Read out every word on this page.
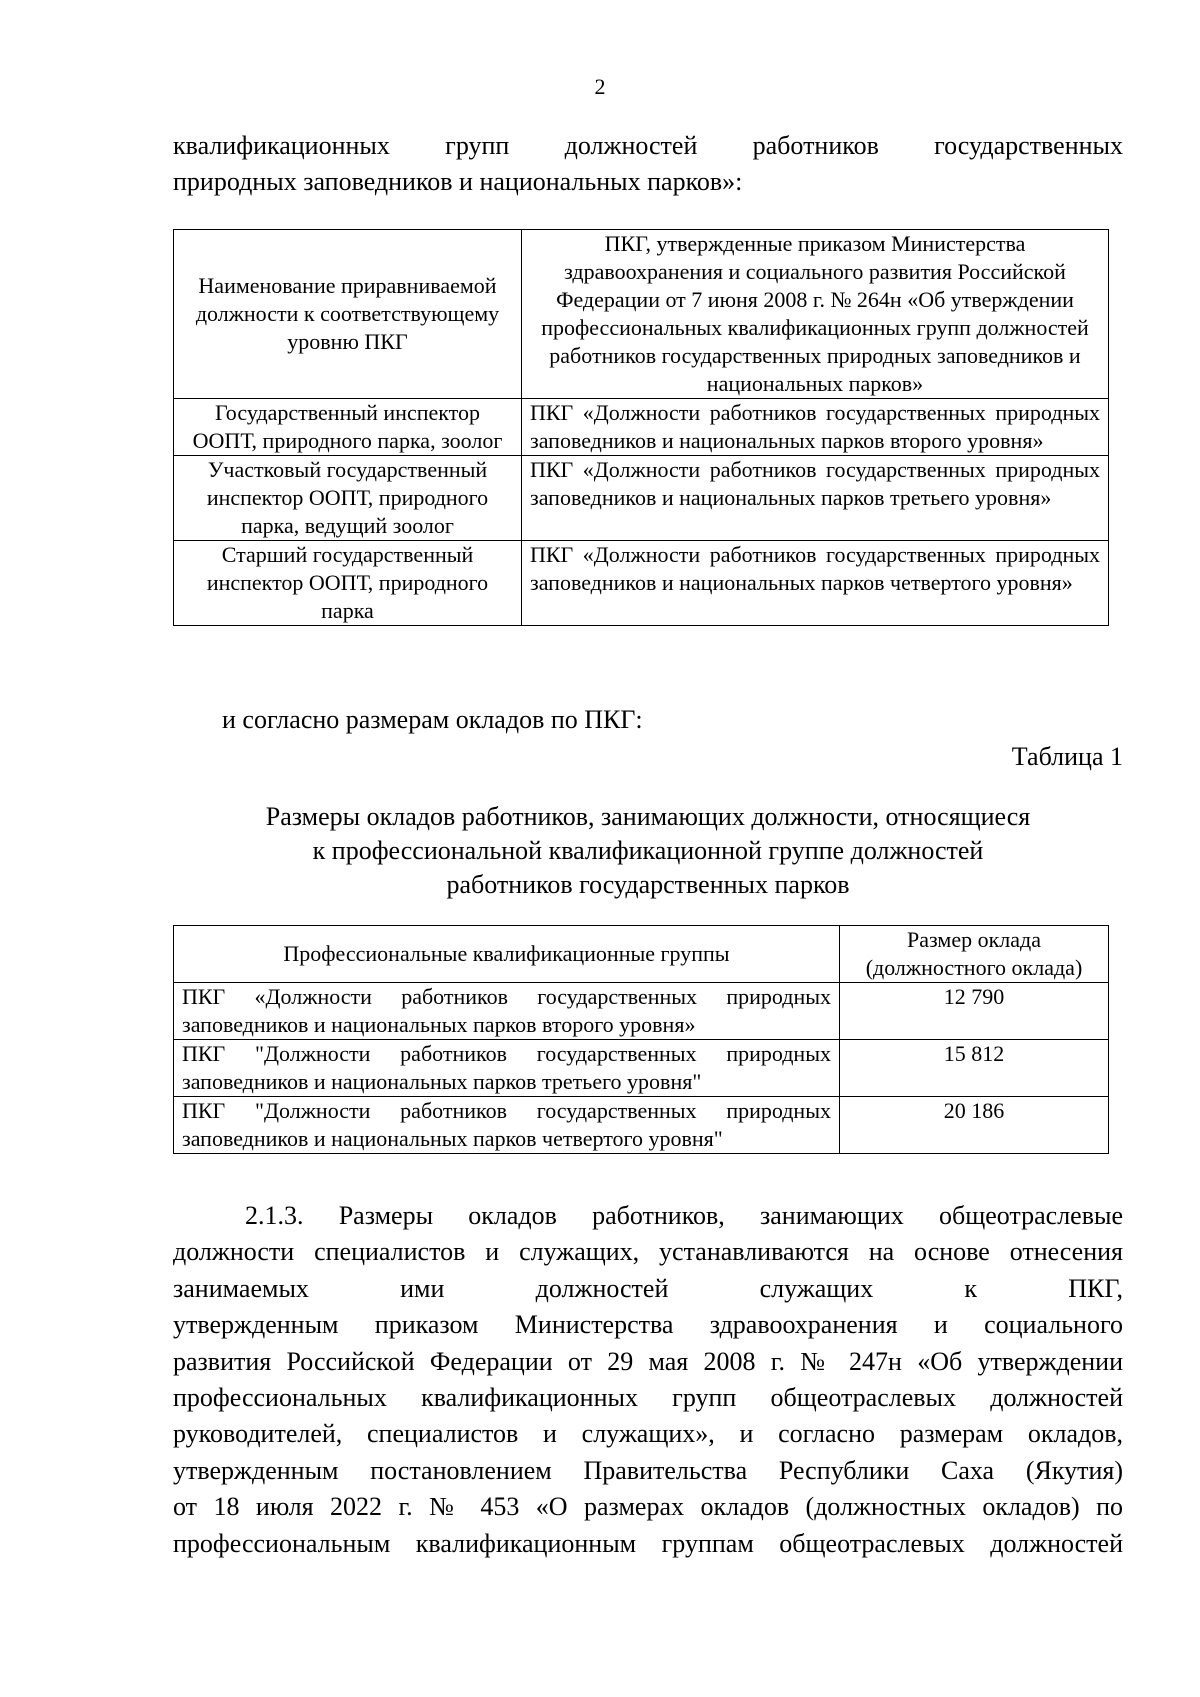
2
квалификационных групп должностей работников государственных
природных заповедников и национальных парков»:
Наименование приравниваемой должности к соответствующему уровню ПКГ	ПКГ, утвержденные приказом Министерства здравоохранения и социального развития Российской Федерации от 7 июня 2008 г. № 264н «Об утверждении профессиональных квалификационных групп должностей работников государственных природных заповедников и национальных парков»
Государственный инспектор ООПТ, природного парка, зоолог	ПКГ «Должности работников государственных природных заповедников и национальных парков второго уровня»
Участковый государственный инспектор ООПТ, природного парка, ведущий зоолог	ПКГ «Должности работников государственных природных заповедников и национальных парков третьего уровня»
Старший государственный инспектор ООПТ, природного парка	ПКГ «Должности работников государственных природных заповедников и национальных парков четвертого уровня»
и согласно размерам окладов по ПКГ:
Таблица 1
Размеры окладов работников, занимающих должности, относящиеся
к профессиональной квалификационной группе должностей
работников государственных парков
Профессиональные квалификационные группы	Размер оклада (должностного оклада)
ПКГ «Должности работников государственных природных заповедников и национальных парков второго уровня»	12 790
ПКГ "Должности работников государственных природных заповедников и национальных парков третьего уровня"	15 812
ПКГ "Должности работников государственных природных заповедников и национальных парков четвертого уровня"	20 186
2.1.3. Размеры окладов работников, занимающих общеотраслевые
должности специалистов и служащих, устанавливаются на основе отнесения
занимаемых ими должностей служащих к ПКГ,
утвержденным приказом Министерства здравоохранения и социального
развития Российской Федерации от 29 мая 2008 г. № 247н «Об утверждении
профессиональных квалификационных групп общеотраслевых должностей
руководителей, специалистов и служащих», и согласно размерам окладов,
утвержденным постановлением Правительства Республики Саха (Якутия)
от 18 июля 2022 г. № 453 «О размерах окладов (должностных окладов) по
профессиональным квалификационным группам общеотраслевых должностей
